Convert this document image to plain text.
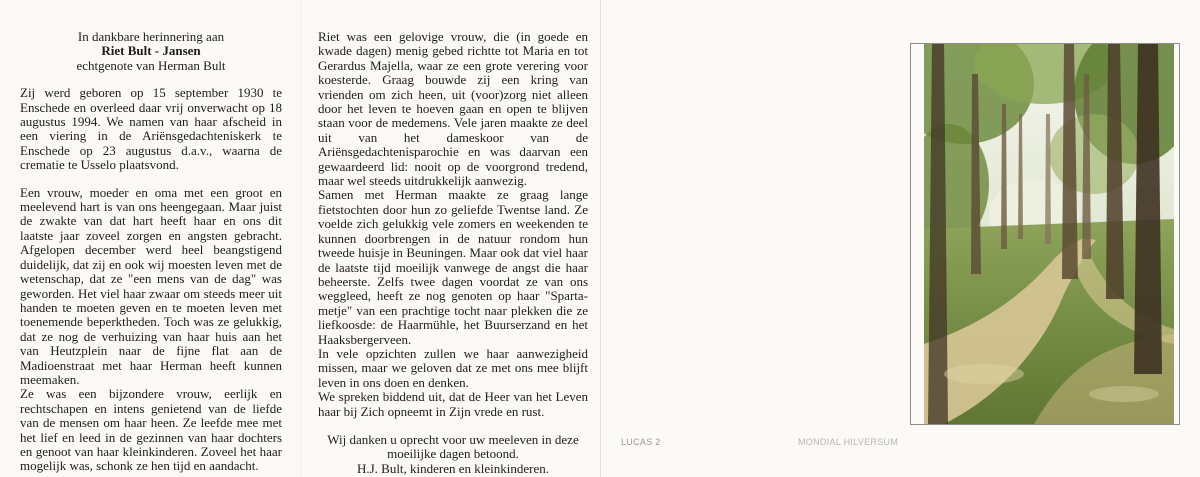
In dankbare herinnering aan
Riet Bult - Jansen
echtgenote van Herman Bult

Zij werd geboren op 15 september 1930 te Enschede en overleed daar vrij onverwacht op 18 augustus 1994. We namen van haar afscheid in een viering in de Ariënsgedachteniskerk te Enschede op 23 augustus d.a.v., waarna de crematie te Usselo plaatsvond.

Een vrouw, moeder en oma met een groot en meelevend hart is van ons heengegaan. Maar juist de zwakte van dat hart heeft haar en ons dit laatste jaar zoveel zorgen en angsten gebracht. Afgelopen december werd heel beangstigend duidelijk, dat zij en ook wij moesten leven met de wetenschap, dat ze "een mens van de dag" was geworden. Het viel haar zwaar om steeds meer uit handen te moeten geven en te moeten leven met toenemende beperktheden. Toch was ze gelukkig, dat ze nog de verhuizing van haar huis aan het van Heutzplein naar de fijne flat aan de Madioenstraat met haar Herman heeft kunnen meemaken.

Ze was een bijzondere vrouw, eerlijk en rechtschapen en intens genietend van de liefde van de mensen om haar heen. Ze leefde mee met het lief en leed in de gezinnen van haar dochters en genoot van haar kleinkinderen. Zoveel het haar mogelijk was, schonk ze hen tijd en aandacht.

Riet was een gelovige vrouw, die (in goede en kwade dagen) menig gebed richtte tot Maria en tot Gerardus Majella, waar ze een grote verering voor koesterde. Graag bouwde zij een kring van vrienden om zich heen, uit (voor)zorg niet alleen door het leven te hoeven gaan en open te blijven staan voor de medemens. Vele jaren maakte ze deel uit van het dameskoor van de Ariënsgedachtenisparochie en was daarvan een gewaardeerd lid: nooit op de voorgrond tredend, maar wel steeds uitdrukkelijk aanwezig.

Samen met Herman maakte ze graag lange fietstochten door hun zo geliefde Twentse land. Ze voelde zich gelukkig vele zomers en weekenden te kunnen doorbrengen in de natuur rondom hun tweede huisje in Beuningen. Maar ook dat viel haar de laatste tijd moeilijk vanwege de angst die haar beheerste. Zelfs twee dagen voordat ze van ons weggleed, heeft ze nog genoten op haar "Sparta-metje" van een prachtige tocht naar plekken die ze liefkoosde: de Haarmühle, het Buurserzand en het Haaksbergerveen.

In vele opzichten zullen we haar aanwezigheid missen, maar we geloven dat ze met ons mee blijft leven in ons doen en denken.

We spreken biddend uit, dat de Heer van het Leven haar bij Zich opneemt in Zijn vrede en rust.

Wij danken u oprecht voor uw meeleven in deze
moeilijke dagen betoond.
H.J. Bult, kinderen en kleinkinderen.
LUCAS 2	MONDIAL HILVERSUM
